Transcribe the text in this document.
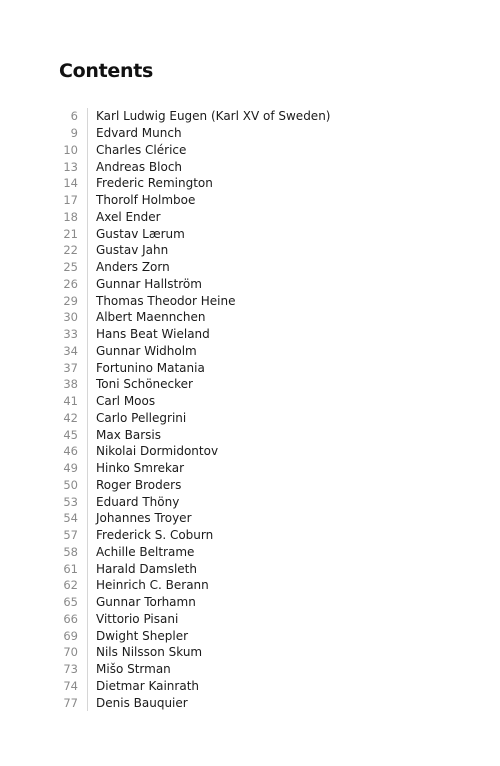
Contents
6	Karl Ludwig Eugen (Karl XV of Sweden)
9	Edvard Munch
10	Charles Clérice
13	Andreas Bloch
14	Frederic Remington
17	Thorolf Holmboe
18	Axel Ender
21	Gustav Lærum
22	Gustav Jahn
25	Anders Zorn
26	Gunnar Hallström
29	Thomas Theodor Heine
30	Albert Maennchen
33	Hans Beat Wieland
34	Gunnar Widholm
37	Fortunino Matania
38	Toni Schönecker
41	Carl Moos
42	Carlo Pellegrini
45	Max Barsis
46	Nikolai Dormidontov
49	Hinko Smrekar
50	Roger Broders
53	Eduard Thöny
54	Johannes Troyer
57	Frederick S. Coburn
58	Achille Beltrame
61	Harald Damsleth
62	Heinrich C. Berann
65	Gunnar Torhamn
66	Vittorio Pisani
69	Dwight Shepler
70	Nils Nilsson Skum
73	Mišo Strman
74	Dietmar Kainrath
77	Denis Bauquier
